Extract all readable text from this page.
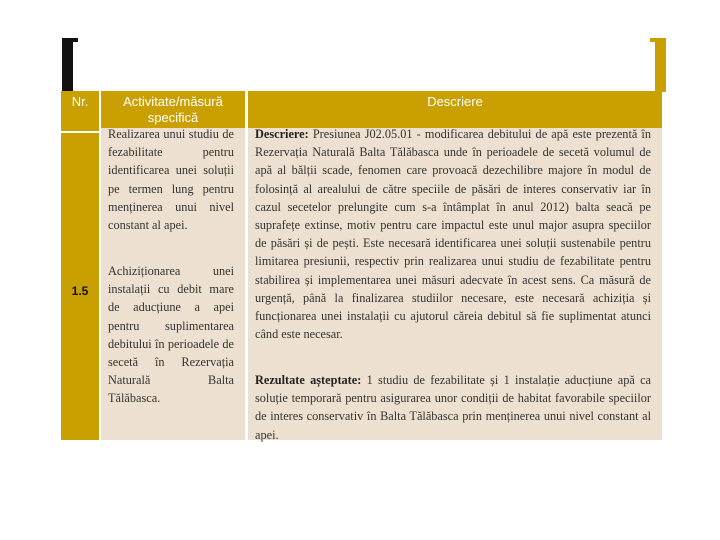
Nr.	Activitate/măsură specifică
Descriere
1.5
Realizarea unui studiu de fezabilitate pentru identificarea unei soluții pe termen lung pentru menținerea unui nivel constant al apei.
Achiziționarea unei instalații cu debit mare de aducțiune a apei pentru suplimentarea debitului în perioadele de secetă în Rezervația Naturală Balta Tălăbasca.
Descriere: Presiunea J02.05.01 - modificarea debitului de apă este prezentă în Rezervația Naturală Balta Tălăbasca unde în perioadele de secetă volumul de apă al bălții scade, fenomen care provoacă dezechilibre majore în modul de folosință al arealului de către speciile de păsări de interes conservativ iar în cazul secetelor prelungite cum s-a întâmplat în anul 2012) balta seacă pe suprafețe extinse, motiv pentru care impactul este unul major asupra speciilor de păsări și de pești. Este necesară identificarea unei soluții sustenabile pentru limitarea presiunii, respectiv prin realizarea unui studiu de fezabilitate pentru stabilirea și implementarea unei măsuri adecvate în acest sens. Ca măsură de urgență, până la finalizarea studiilor necesare, este necesară achiziția și funcționarea unei instalații cu ajutorul căreia debitul să fie suplimentat atunci când este necesar.
Rezultate așteptate: 1 studiu de fezabilitate și 1 instalație aducțiune apă ca soluție temporară pentru asigurarea unor condiții de habitat favorabile speciilor de interes conservativ în Balta Tălăbasca prin menținerea unui nivel constant al apei.
